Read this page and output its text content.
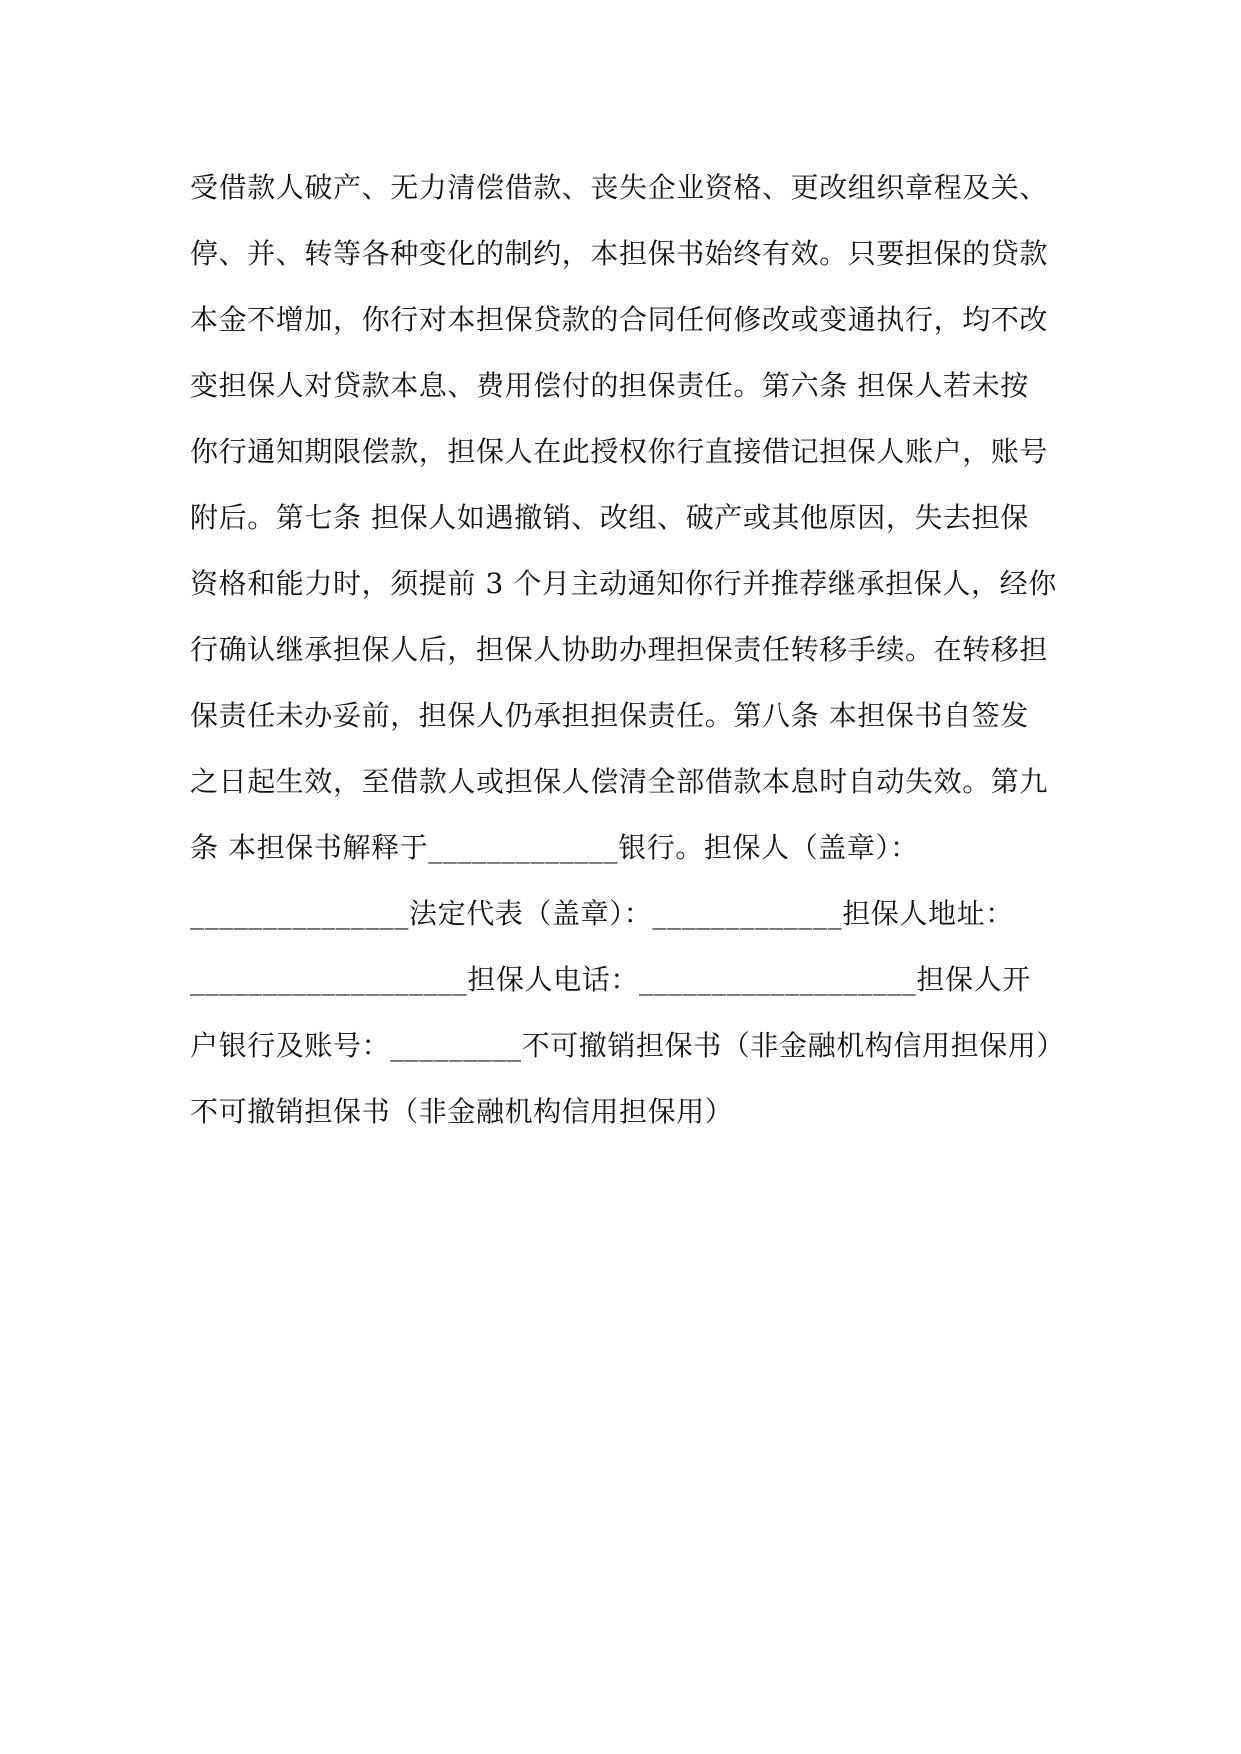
受借款人破产、无力清偿借款、丧失企业资格、更改组织章程及关、
停、并、转等各种变化的制约，本担保书始终有效。只要担保的贷款
本金不增加，你行对本担保贷款的合同任何修改或变通执行，均不改
变担保人对贷款本息、费用偿付的担保责任。第六条 担保人若未按
你行通知期限偿款，担保人在此授权你行直接借记担保人账户，账号
附后。第七条 担保人如遇撤销、改组、破产或其他原因，失去担保
资格和能力时，须提前 3 个月主动通知你行并推荐继承担保人，经你
行确认继承担保人后，担保人协助办理担保责任转移手续。在转移担
保责任未办妥前，担保人仍承担担保责任。第八条 本担保书自签发
之日起生效，至借款人或担保人偿清全部借款本息时自动失效。第九
条 本担保书解释于_____________银行。担保人（盖章）：
_______________法定代表（盖章）：_____________担保人地址：
___________________担保人电话：___________________担保人开
户银行及账号：_________不可撤销担保书（非金融机构信用担保用）
不可撤销担保书（非金融机构信用担保用）
